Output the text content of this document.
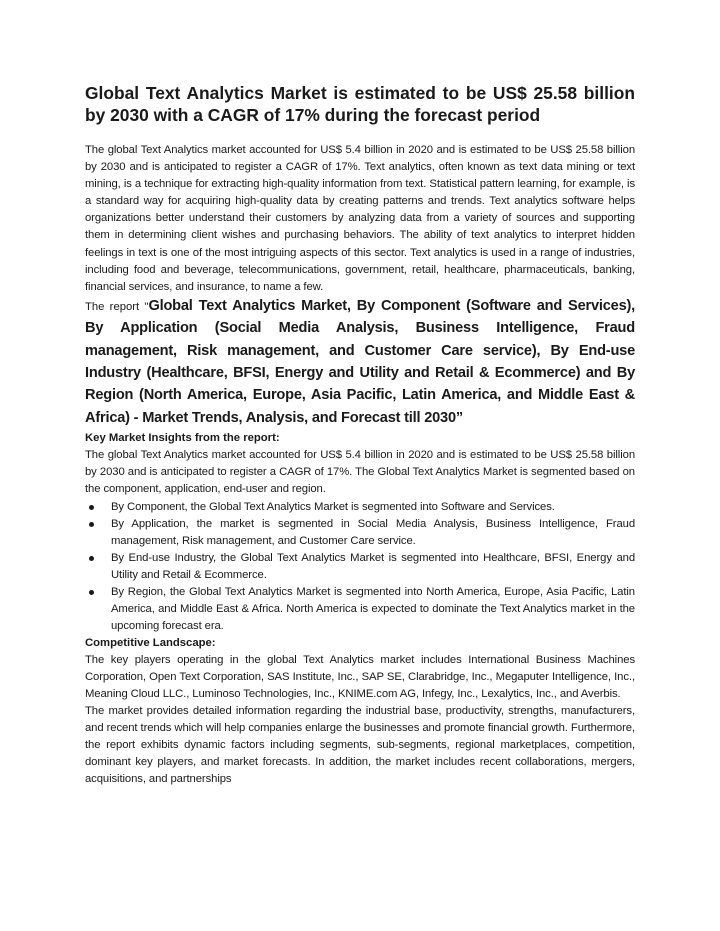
Global Text Analytics Market is estimated to be US$ 25.58 billion by 2030 with a CAGR of 17% during the forecast period

The global Text Analytics market accounted for US$ 5.4 billion in 2020 and is estimated to be US$ 25.58 billion by 2030 and is anticipated to register a CAGR of 17%. Text analytics, often known as text data mining or text mining, is a technique for extracting high-quality information from text. Statistical pattern learning, for example, is a standard way for acquiring high-quality data by creating patterns and trends. Text analytics software helps organizations better understand their customers by analyzing data from a variety of sources and supporting them in determining client wishes and purchasing behaviors. The ability of text analytics to interpret hidden feelings in text is one of the most intriguing aspects of this sector. Text analytics is used in a range of industries, including food and beverage, telecommunications, government, retail, healthcare, pharmaceuticals, banking, financial services, and insurance, to name a few.

The report "Global Text Analytics Market, By Component (Software and Services), By Application (Social Media Analysis, Business Intelligence, Fraud management, Risk management, and Customer Care service), By End-use Industry (Healthcare, BFSI, Energy and Utility and Retail & Ecommerce) and By Region (North America, Europe, Asia Pacific, Latin America, and Middle East & Africa) - Market Trends, Analysis, and Forecast till 2030”

Key Market Insights from the report:

The global Text Analytics market accounted for US$ 5.4 billion in 2020 and is estimated to be US$ 25.58 billion by 2030 and is anticipated to register a CAGR of 17%. The Global Text Analytics Market is segmented based on the component, application, end-user and region.

By Component, the Global Text Analytics Market is segmented into Software and Services.
By Application, the market is segmented in Social Media Analysis, Business Intelligence, Fraud management, Risk management, and Customer Care service.
By End-use Industry, the Global Text Analytics Market is segmented into Healthcare, BFSI, Energy and Utility and Retail & Ecommerce.
By Region, the Global Text Analytics Market is segmented into North America, Europe, Asia Pacific, Latin America, and Middle East & Africa. North America is expected to dominate the Text Analytics market in the upcoming forecast era.

Competitive Landscape:

The key players operating in the global Text Analytics market includes International Business Machines Corporation, Open Text Corporation, SAS Institute, Inc., SAP SE, Clarabridge, Inc., Megaputer Intelligence, Inc., Meaning Cloud LLC., Luminoso Technologies, Inc., KNIME.com AG, Infegy, Inc., Lexalytics, Inc., and Averbis.

The market provides detailed information regarding the industrial base, productivity, strengths, manufacturers, and recent trends which will help companies enlarge the businesses and promote financial growth. Furthermore, the report exhibits dynamic factors including segments, sub-segments, regional marketplaces, competition, dominant key players, and market forecasts. In addition, the market includes recent collaborations, mergers, acquisitions, and partnerships
